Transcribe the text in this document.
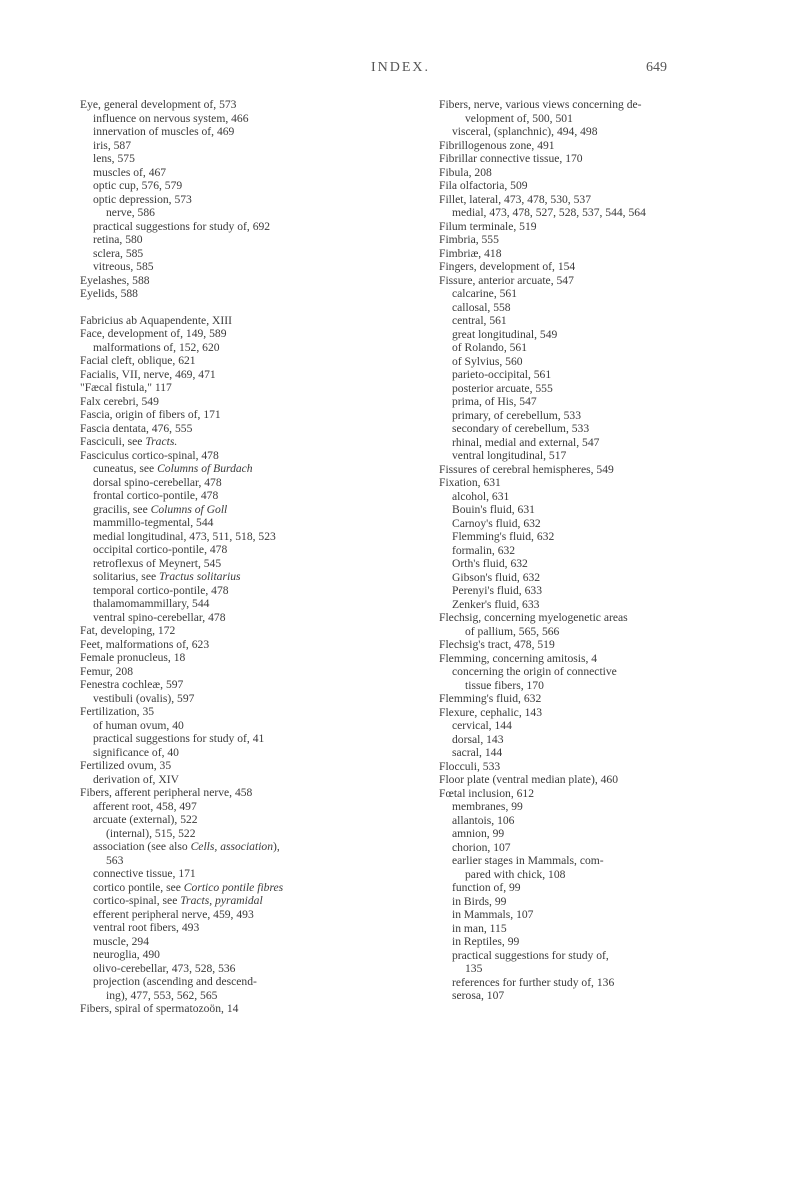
INDEX.	649
Eye, general development of, 573
influence on nervous system, 466
innervation of muscles of, 469
iris, 587
lens, 575
muscles of, 467
optic cup, 576, 579
optic depression, 573
nerve, 586
practical suggestions for study of, 692
retina, 580
sclera, 585
vitreous, 585
Eyelashes, 588
Eyelids, 588
Fabricius ab Aquapendente, XIII
Face, development of, 149, 589
malformations of, 152, 620
Facial cleft, oblique, 621
Facialis, VII, nerve, 469, 471
"Fæcal fistula," 117
Falx cerebri, 549
Fascia, origin of fibers of, 171
Fascia dentata, 476, 555
Fasciculi, see Tracts.
Fasciculus cortico-spinal, 478
cuneatus, see Columns of Burdach
dorsal spino-cerebellar, 478
frontal cortico-pontile, 478
gracilis, see Columns of Goll
mammillo-tegmental, 544
medial longitudinal, 473, 511, 518, 523
occipital cortico-pontile, 478
retroflexus of Meynert, 545
solitarius, see Tractus solitarius
temporal cortico-pontile, 478
thalamomammillary, 544
ventral spino-cerebellar, 478
Fat, developing, 172
Feet, malformations of, 623
Female pronucleus, 18
Femur, 208
Fenestra cochleæ, 597
vestibuli (ovalis), 597
Fertilization, 35
of human ovum, 40
practical suggestions for study of, 41
significance of, 40
Fertilized ovum, 35
derivation of, XIV
Fibers, afferent peripheral nerve, 458
afferent root, 458, 497
arcuate (external), 522
(internal), 515, 522
association (see also Cells, association),
563
connective tissue, 171
cortico pontile, see Cortico pontile fibres
cortico-spinal, see Tracts, pyramidal
efferent peripheral nerve, 459, 493
ventral root fibers, 493
muscle, 294
neuroglia, 490
olivo-cerebellar, 473, 528, 536
projection (ascending and descend-
ing), 477, 553, 562, 565
Fibers, spiral of spermatozoön, 14
Fibers, nerve, various views concerning de-
velopment of, 500, 501
visceral, (splanchnic), 494, 498
Fibrillogenous zone, 491
Fibrillar connective tissue, 170
Fibula, 208
Fila olfactoria, 509
Fillet, lateral, 473, 478, 530, 537
medial, 473, 478, 527, 528, 537, 544, 564
Filum terminale, 519
Fimbria, 555
Fimbriæ, 418
Fingers, development of, 154
Fissure, anterior arcuate, 547
calcarine, 561
callosal, 558
central, 561
great longitudinal, 549
of Rolando, 561
of Sylvius, 560
parieto-occipital, 561
posterior arcuate, 555
prima, of His, 547
primary, of cerebellum, 533
secondary of cerebellum, 533
rhinal, medial and external, 547
ventral longitudinal, 517
Fissures of cerebral hemispheres, 549
Fixation, 631
alcohol, 631
Bouin's fluid, 631
Carnoy's fluid, 632
Flemming's fluid, 632
formalin, 632
Orth's fluid, 632
Gibson's fluid, 632
Perenyi's fluid, 633
Zenker's fluid, 633
Flechsig, concerning myelogenetic areas
of pallium, 565, 566
Flechsig's tract, 478, 519
Flemming, concerning amitosis, 4
concerning the origin of connective
tissue fibers, 170
Flemming's fluid, 632
Flexure, cephalic, 143
cervical, 144
dorsal, 143
sacral, 144
Flocculi, 533
Floor plate (ventral median plate), 460
Fœtal inclusion, 612
membranes, 99
allantois, 106
amnion, 99
chorion, 107
earlier stages in Mammals, com-
pared with chick, 108
function of, 99
in Birds, 99
in Mammals, 107
in man, 115
in Reptiles, 99
practical suggestions for study of,
135
references for further study of, 136
serosa, 107
